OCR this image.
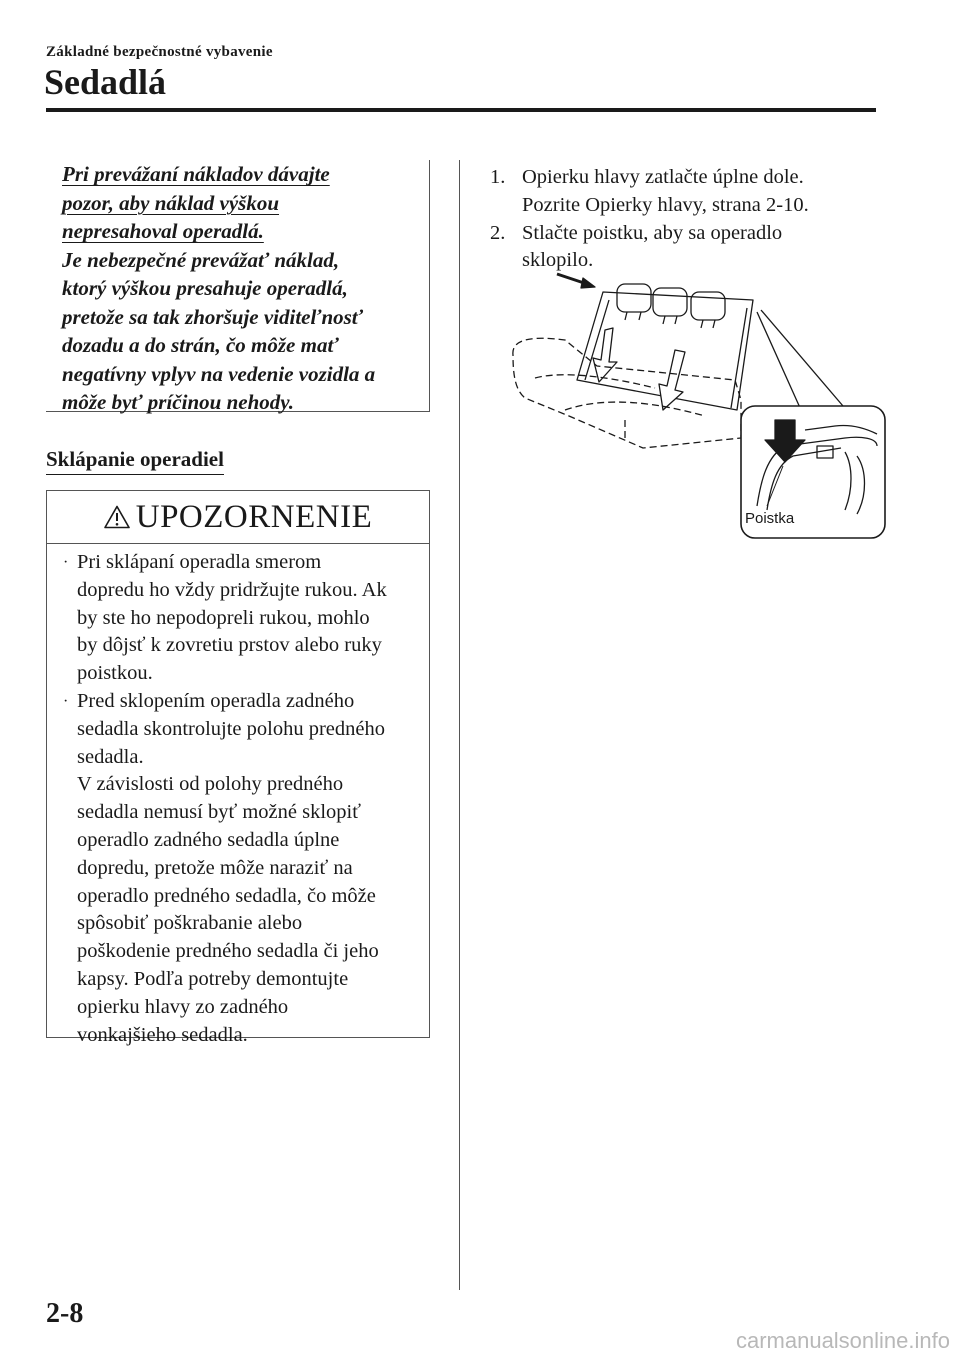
Základné bezpečnostné vybavenie
Sedadlá

Pri prevážaní nákladov dávajte

pozor, aby náklad výškou

nepresahoval operadlá.

Je nebezpečné prevážať náklad,

ktorý výškou presahuje operadlá,

pretože sa tak zhoršuje viditeľnosť

dozadu a do strán, čo môže mať

negatívny vplyv na vedenie vozidla a

môže byť príčinou nehody.

Sklápanie operadiel
UPOZORNENIE
· Pri sklápaní operadla smerom
dopredu ho vždy pridržujte rukou. Ak
by ste ho nepodopreli rukou, mohlo
by dôjsť k zovretiu prstov alebo ruky
poistkou.
· Pred sklopením operadla zadného
sedadla skontrolujte polohu predného
sedadla.
V závislosti od polohy predného
sedadla nemusí byť možné sklopiť
operadlo zadného sedadla úplne
dopredu, pretože môže naraziť na
operadlo predného sedadla, čo môže
spôsobiť poškrabanie alebo
poškodenie predného sedadla či jeho
kapsy. Podľa potreby demontujte
opierku hlavy zo zadného
vonkajšieho sedadla.
1. Opierku hlavy zatlačte úplne dole.
Pozrite Opierky hlavy, strana 2-10.
2. Stlačte poistku, aby sa operadlo
sklopilo.
Poistka
2-8
carmanualsonline.info
